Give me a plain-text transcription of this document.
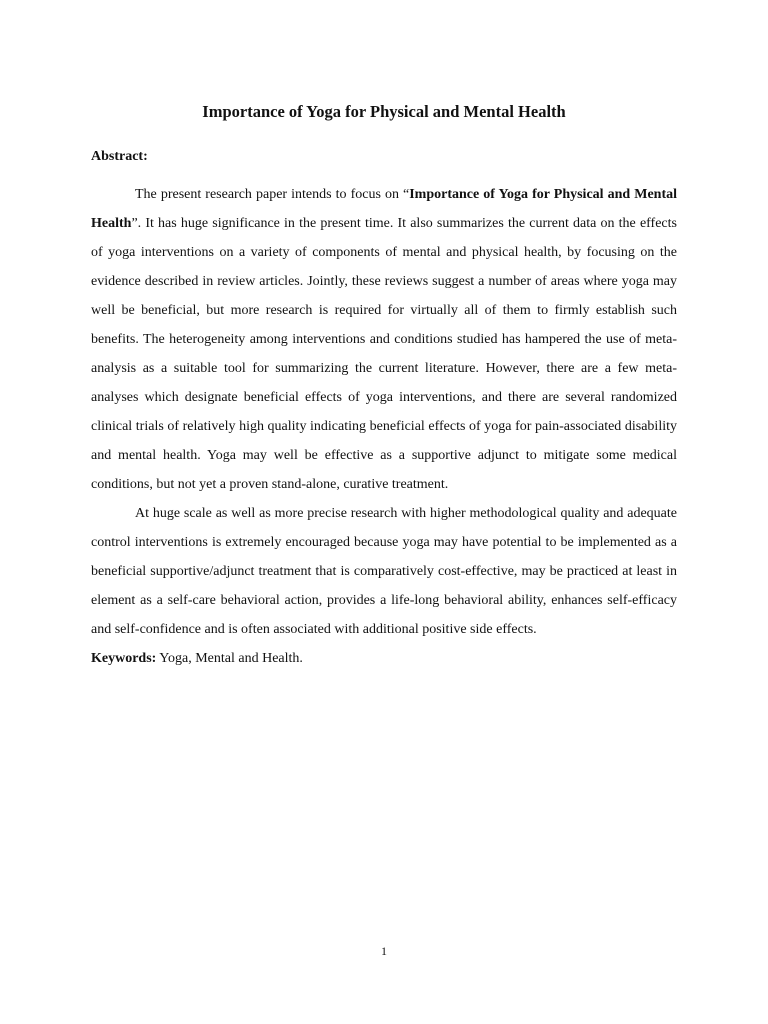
Importance of Yoga for Physical and Mental Health
Abstract:

The present research paper intends to focus on “Importance of Yoga for Physical and Mental Health”. It has huge significance in the present time. It also summarizes the current data on the effects of yoga interventions on a variety of components of mental and physical health, by focusing on the evidence described in review articles. Jointly, these reviews suggest a number of areas where yoga may well be beneficial, but more research is required for virtually all of them to firmly establish such benefits. The heterogeneity among interventions and conditions studied has hampered the use of meta-analysis as a suitable tool for summarizing the current literature. However, there are a few meta-analyses which designate beneficial effects of yoga interventions, and there are several randomized clinical trials of relatively high quality indicating beneficial effects of yoga for pain-associated disability and mental health. Yoga may well be effective as a supportive adjunct to mitigate some medical conditions, but not yet a proven stand-alone, curative treatment.

At huge scale as well as more precise research with higher methodological quality and adequate control interventions is extremely encouraged because yoga may have potential to be implemented as a beneficial supportive/adjunct treatment that is comparatively cost-effective, may be practiced at least in element as a self-care behavioral action, provides a life-long behavioral ability, enhances self-efficacy and self-confidence and is often associated with additional positive side effects.

Keywords: Yoga, Mental and Health.

1
